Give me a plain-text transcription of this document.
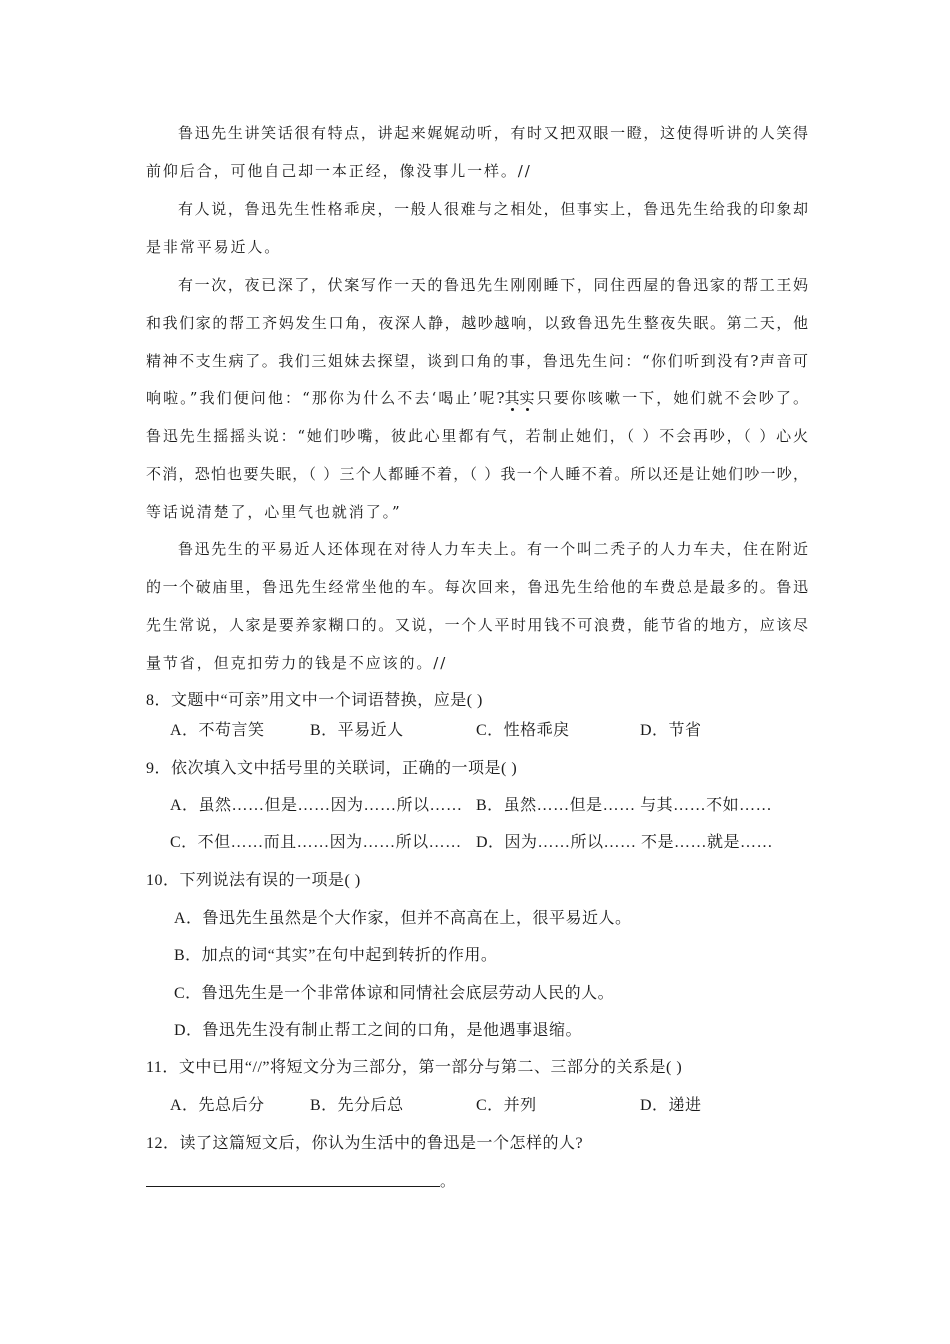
鲁迅先生讲笑话很有特点，讲起来娓娓动听，有时又把双眼一瞪，这使得听讲的人笑得
前仰后合，可他自己却一本正经，像没事儿一样。//
有人说，鲁迅先生性格乖戾，一般人很难与之相处，但事实上，鲁迅先生给我的印象却
是非常平易近人。
有一次，夜已深了，伏案写作一天的鲁迅先生刚刚睡下，同住西屋的鲁迅家的帮工王妈
和我们家的帮工齐妈发生口角，夜深人静，越吵越响，以致鲁迅先生整夜失眠。第二天，他
精神不支生病了。我们三姐妹去探望，谈到口角的事，鲁迅先生问：“你们听到没有?声音可
响啦。”我们便问他：“那你为什么不去‘喝止’呢?其实只要你咳嗽一下，她们就不会吵了。
鲁迅先生摇摇头说：“她们吵嘴，彼此心里都有气，若制止她们，（ ）不会再吵，（ ）心火
不消，恐怕也要失眠，（ ）三个人都睡不着，（ ）我一个人睡不着。所以还是让她们吵一吵，
等话说清楚了，心里气也就消了。”
鲁迅先生的平易近人还体现在对待人力车夫上。有一个叫二秃子的人力车夫，住在附近
的一个破庙里，鲁迅先生经常坐他的车。每次回来，鲁迅先生给他的车费总是最多的。鲁迅
先生常说，人家是要养家糊口的。又说，一个人平时用钱不可浪费，能节省的地方，应该尽
量节省，但克扣劳力的钱是不应该的。//
8．文题中“可亲”用文中一个词语替换，应是( )
A．不苟言笑	B．平易近人	C．性格乖戾	D．节省
9．依次填入文中括号里的关联词，正确的一项是( )
A．虽然……但是……因为……所以…… B．虽然……但是…… 与其……不如……
C．不但……而且……因为……所以…… D．因为……所以…… 不是……就是……
10．下列说法有误的一项是( )
A．鲁迅先生虽然是个大作家，但并不高高在上，很平易近人。
B．加点的词“其实”在句中起到转折的作用。
C．鲁迅先生是一个非常体谅和同情社会底层劳动人民的人。
D．鲁迅先生没有制止帮工之间的口角，是他遇事退缩。
11．文中已用“//”将短文分为三部分，第一部分与第二、三部分的关系是( )
A．先总后分	B．先分后总	C．并列	D．递进
12．读了这篇短文后，你认为生活中的鲁迅是一个怎样的人?
。
